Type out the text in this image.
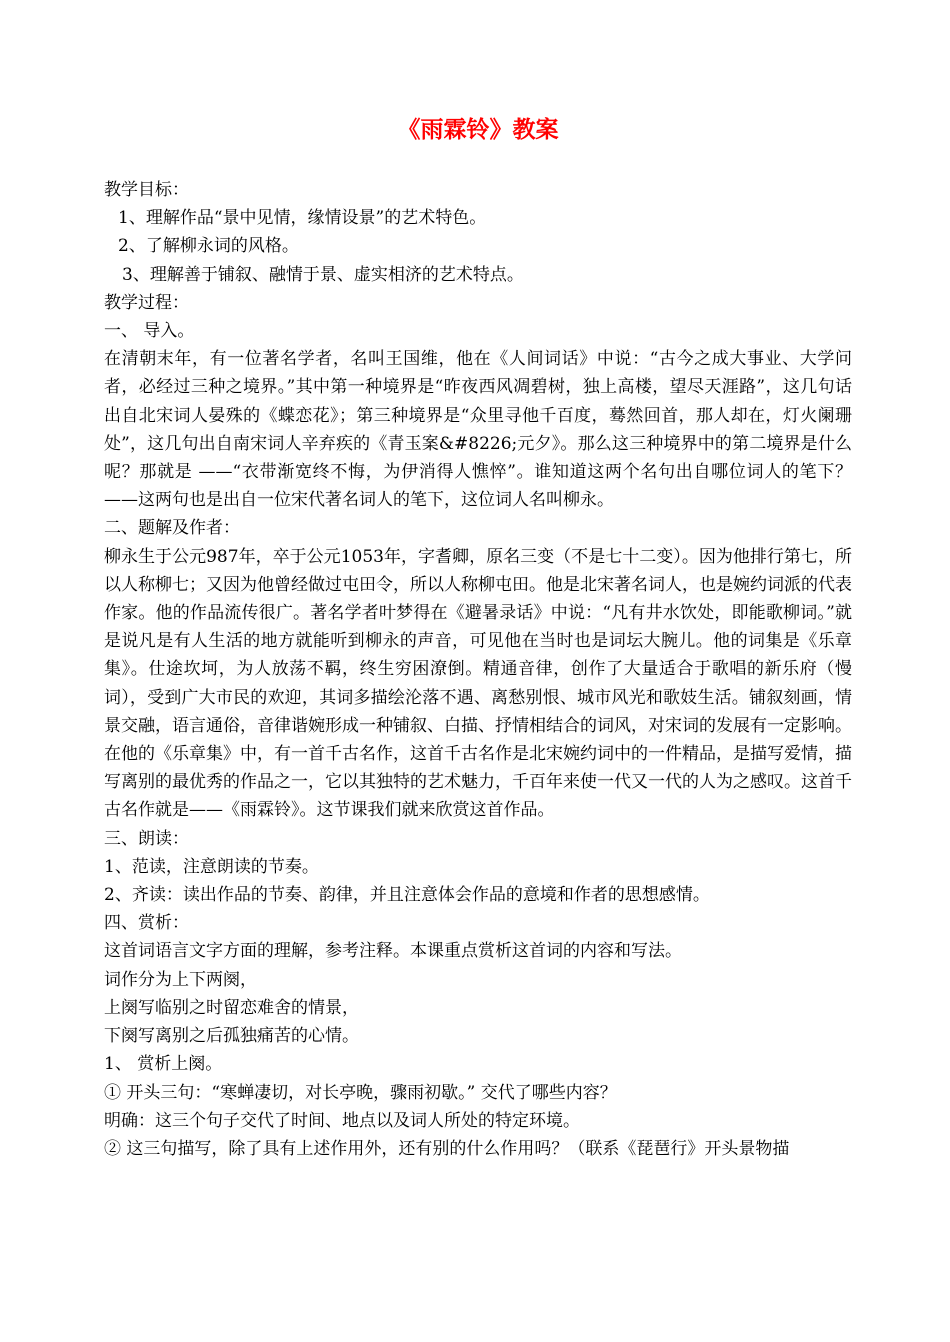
《雨霖铃》教案

教学目标：

1、理解作品“景中见情，缘情设景”的艺术特色。

2、了解柳永词的风格。

3、理解善于铺叙、融情于景、虚实相济的艺术特点。

教学过程：

一、 导入。

在清朝末年，有一位著名学者，名叫王国维，他在《人间词话》中说：“古今之成大事业、大学问者，必经过三种之境界。”其中第一种境界是“昨夜西风凋碧树，独上高楼，望尽天涯路”，这几句话出自北宋词人晏殊的《蝶恋花》；第三种境界是“众里寻他千百度，蓦然回首，那人却在，灯火阑珊处”，这几句出自南宋词人辛弃疾的《青玉案&#8226;元夕》。那么这三种境界中的第二境界是什么呢？那就是 ——“衣带渐宽终不悔，为伊消得人憔悴”。谁知道这两个名句出自哪位词人的笔下？——这两句也是出自一位宋代著名词人的笔下，这位词人名叫柳永。

二、题解及作者：

柳永生于公元987年，卒于公元1053年，字耆卿，原名三变（不是七十二变）。因为他排行第七，所以人称柳七；又因为他曾经做过屯田令，所以人称柳屯田。他是北宋著名词人，也是婉约词派的代表作家。他的作品流传很广。著名学者叶梦得在《避暑录话》中说：“凡有井水饮处，即能歌柳词。”就是说凡是有人生活的地方就能听到柳永的声音，可见他在当时也是词坛大腕儿。他的词集是《乐章集》。仕途坎坷，为人放荡不羁，终生穷困潦倒。精通音律，创作了大量适合于歌唱的新乐府（慢词），受到广大市民的欢迎，其词多描绘沦落不遇、离愁别恨、城市风光和歌妓生活。铺叙刻画，情景交融，语言通俗，音律谐婉形成一种铺叙、白描、抒情相结合的词风，对宋词的发展有一定影响。在他的《乐章集》中，有一首千古名作，这首千古名作是北宋婉约词中的一件精品，是描写爱情，描写离别的最优秀的作品之一，它以其独特的艺术魅力，千百年来使一代又一代的人为之感叹。这首千古名作就是——《雨霖铃》。这节课我们就来欣赏这首作品。

三、朗读：

1、范读，注意朗读的节奏。

2、齐读：读出作品的节奏、韵律，并且注意体会作品的意境和作者的思想感情。

四、赏析：

这首词语言文字方面的理解，参考注释。本课重点赏析这首词的内容和写法。

词作分为上下两阕，

上阕写临别之时留恋难舍的情景，

下阕写离别之后孤独痛苦的心情。

1、 赏析上阕。

① 开头三句：“寒蝉凄切，对长亭晚，骤雨初歇。” 交代了哪些内容？

明确：这三个句子交代了时间、地点以及词人所处的特定环境。

② 这三句描写，除了具有上述作用外，还有别的什么作用吗？（联系《琵琶行》开头景物描
